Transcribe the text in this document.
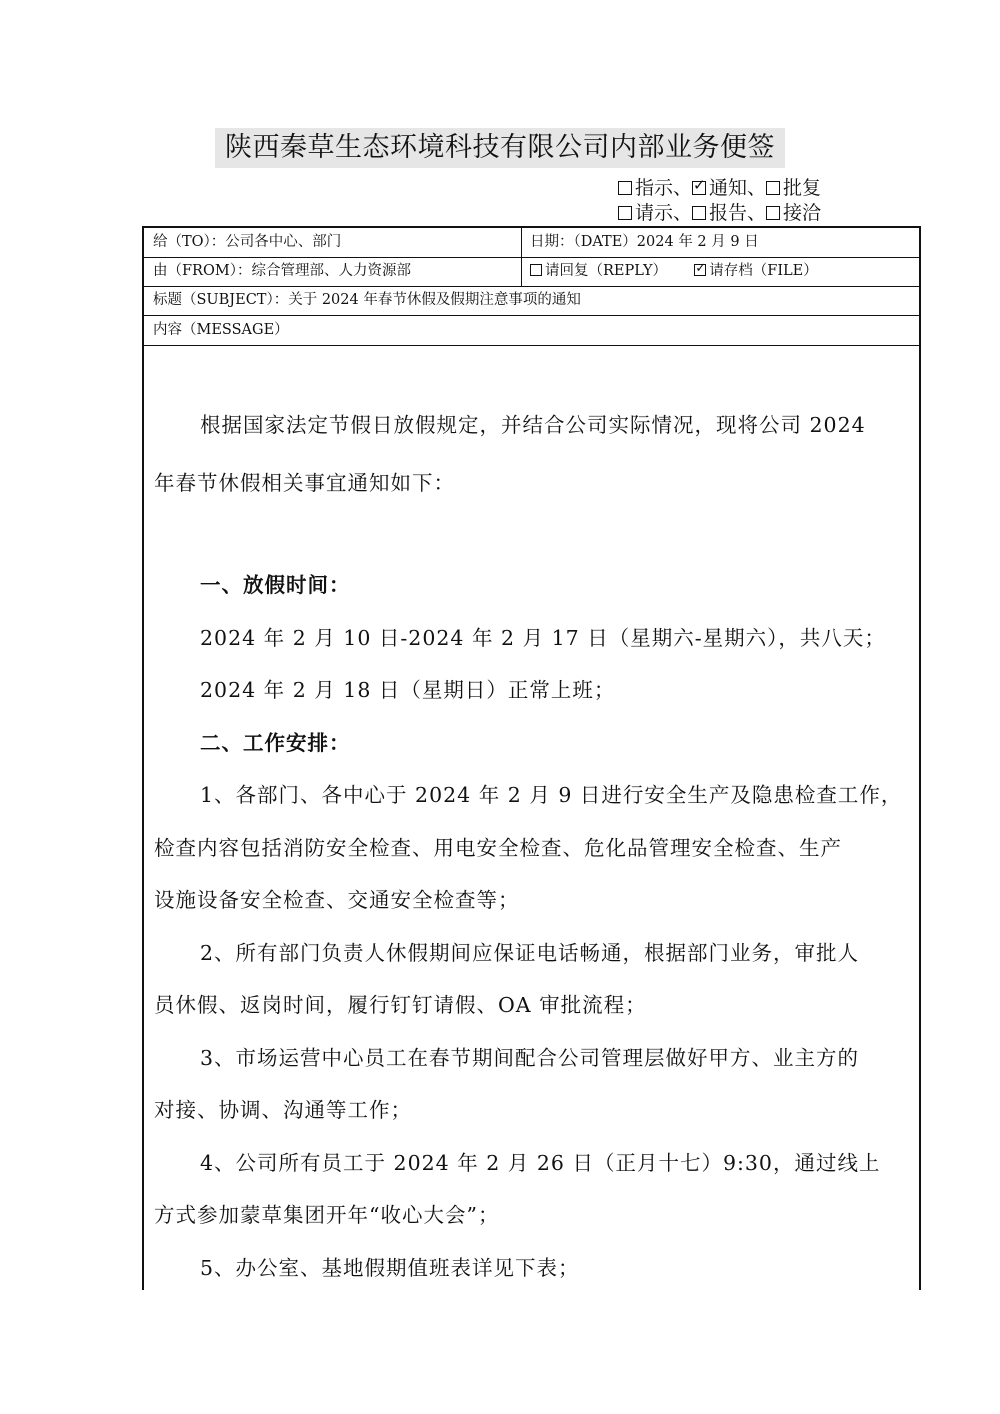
陕西秦草生态环境科技有限公司内部业务便签
指示、 ✓ 通知、 批复
请示、 报告、 接洽
给（TO）：公司各中心、部门	日期：（DATE）2024 年 2 月 9 日
由（FROM）：综合管理部、人力资源部	请回复（REPLY） ✓	请存档（FILE）
标题（SUBJECT）：关于 2024 年春节休假及假期注意事项的通知
内容（MESSAGE）
根据国家法定节假日放假规定，并结合公司实际情况，现将公司 2024
年春节休假相关事宜通知如下：
一、放假时间：
2024 年 2 月 10 日-2024 年 2 月 17 日（星期六-星期六），共八天；
2024 年 2 月 18 日（星期日）正常上班；
二、工作安排：
1、各部门、各中心于 2024 年 2 月 9 日进行安全生产及隐患检查工作，
检查内容包括消防安全检查、用电安全检查、危化品管理安全检查、生产
设施设备安全检查、交通安全检查等；
2、所有部门负责人休假期间应保证电话畅通，根据部门业务，审批人
员休假、返岗时间，履行钉钉请假、OA 审批流程；
3、市场运营中心员工在春节期间配合公司管理层做好甲方、业主方的
对接、协调、沟通等工作；
4、公司所有员工于 2024 年 2 月 26 日（正月十七）9:30，通过线上
方式参加蒙草集团开年“收心大会”；
5、办公室、基地假期值班表详见下表；
